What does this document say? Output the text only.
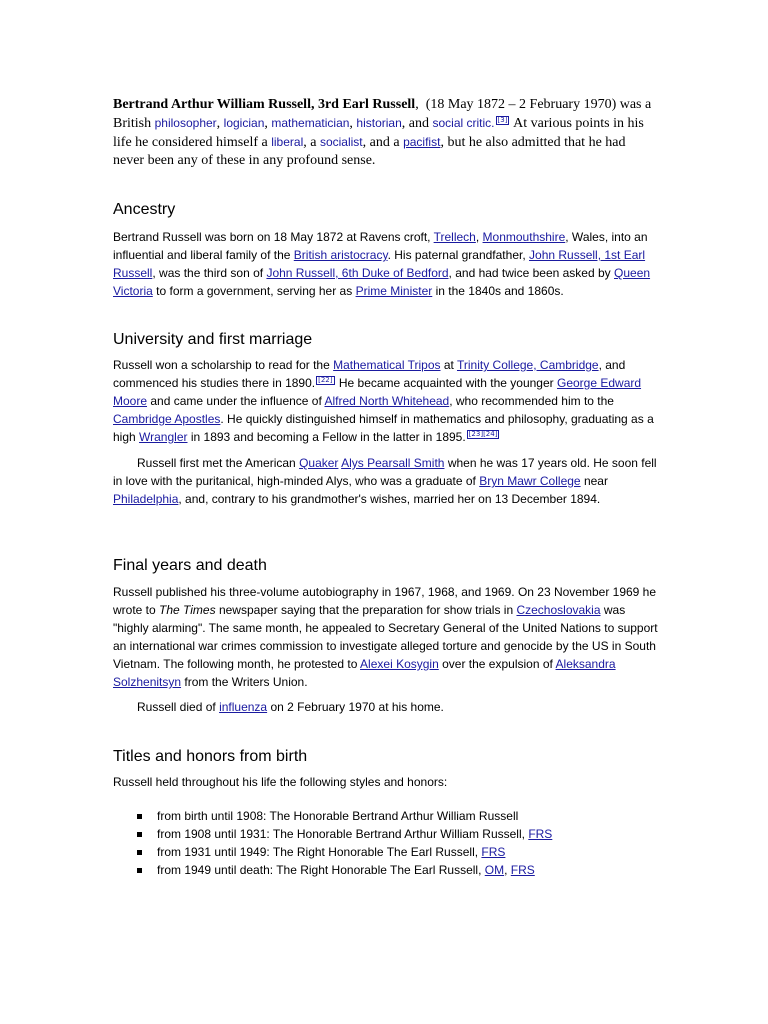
Bertrand Arthur William Russell, 3rd Earl Russell, (18 May 1872 – 2 February 1970) was a British philosopher, logician, mathematician, historian, and social critic. [3] At various points in his life he considered himself a liberal, a socialist, and a pacifist, but he also admitted that he had never been any of these in any profound sense.

Ancestry

Bertrand Russell was born on 18 May 1872 at Ravens croft, Trellech, Monmouthshire, Wales, into an influential and liberal family of the British aristocracy. His paternal grandfather, John Russell, 1st Earl Russell, was the third son of John Russell, 6th Duke of Bedford, and had twice been asked by Queen Victoria to form a government, serving her as Prime Minister in the 1840s and 1860s.

University and first marriage

Russell won a scholarship to read for the Mathematical Tripos at Trinity College, Cambridge, and commenced his studies there in 1890. [22] He became acquainted with the younger George Edward Moore and came under the influence of Alfred North Whitehead, who recommended him to the Cambridge Apostles. He quickly distinguished himself in mathematics and philosophy, graduating as a high Wrangler in 1893 and becoming a Fellow in the latter in 1895. [23][24]

Russell first met the American Quaker Alys Pearsall Smith when he was 17 years old. He soon fell in love with the puritanical, high-minded Alys, who was a graduate of Bryn Mawr College near Philadelphia, and, contrary to his grandmother's wishes, married her on 13 December 1894.

Final years and death

Russell published his three-volume autobiography in 1967, 1968, and 1969. On 23 November 1969 he wrote to The Times newspaper saying that the preparation for show trials in Czechoslovakia was "highly alarming". The same month, he appealed to Secretary General of the United Nations to support an international war crimes commission to investigate alleged torture and genocide by the US in South Vietnam. The following month, he protested to Alexei Kosygin over the expulsion of Aleksandra Solzhenitsyn from the Writers Union.

Russell died of influenza on 2 February 1970 at his home.

Titles and honors from birth

Russell held throughout his life the following styles and honors:

from birth until 1908: The Honorable Bertrand Arthur William Russell
from 1908 until 1931: The Honorable Bertrand Arthur William Russell, FRS
from 1931 until 1949: The Right Honorable The Earl Russell, FRS
from 1949 until death: The Right Honorable The Earl Russell, OM, FRS
